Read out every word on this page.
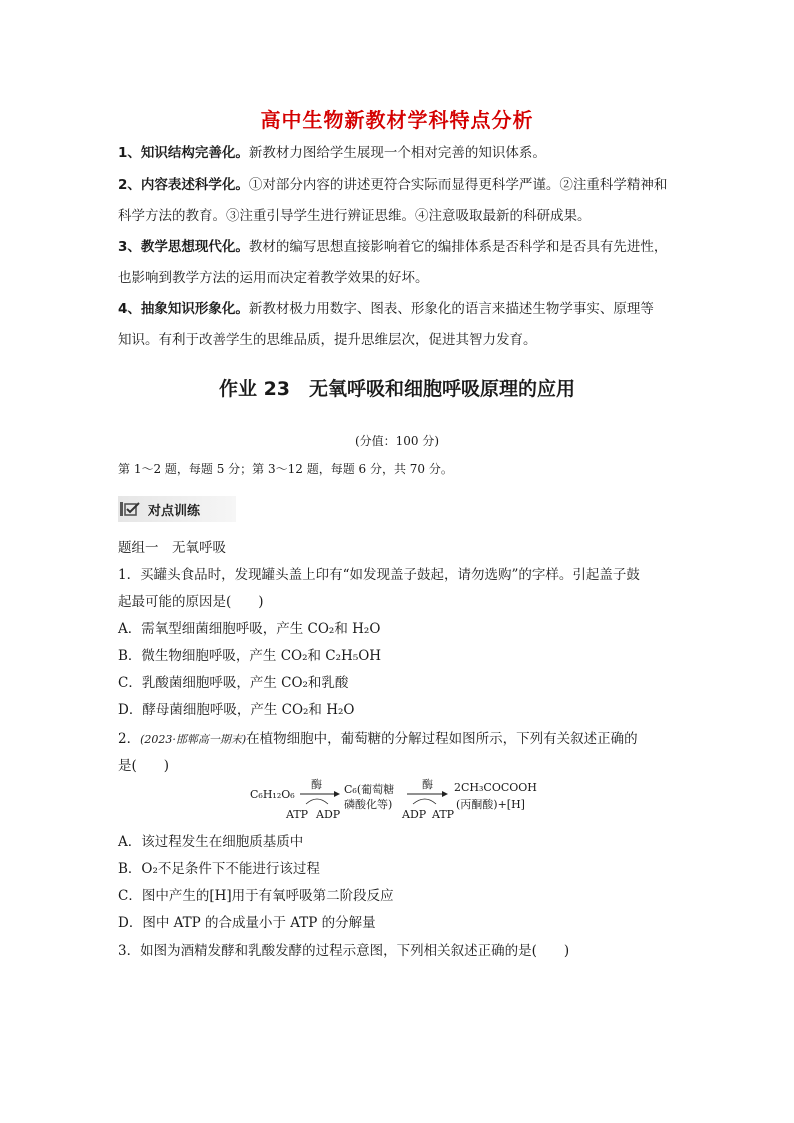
高中生物新教材学科特点分析
1、知识结构完善化。新教材力图给学生展现一个相对完善的知识体系。
2、内容表述科学化。①对部分内容的讲述更符合实际而显得更科学严谨。②注重科学精神和
科学方法的教育。③注重引导学生进行辨证思维。④注意吸取最新的科研成果。
3、教学思想现代化。教材的编写思想直接影响着它的编排体系是否科学和是否具有先进性，
也影响到教学方法的运用而决定着教学效果的好坏。
4、抽象知识形象化。新教材极力用数字、图表、形象化的语言来描述生物学事实、原理等
知识。有利于改善学生的思维品质，提升思维层次，促进其智力发育。
作业 23　无氧呼吸和细胞呼吸原理的应用
(分值：100 分)
第 1～2 题，每题 5 分；第 3～12 题，每题 6 分，共 70 分。
对点训练
题组一　无氧呼吸
1．买罐头食品时，发现罐头盖上印有“如发现盖子鼓起，请勿选购”的字样。引起盖子鼓
起最可能的原因是(　　)
A．需氧型细菌细胞呼吸，产生 CO₂和 H₂O
B．微生物细胞呼吸，产生 CO₂和 C₂H₅OH
C．乳酸菌细胞呼吸，产生 CO₂和乳酸
D．酵母菌细胞呼吸，产生 CO₂和 H₂O
2．(2023·邯郸高一期末)在植物细胞中，葡萄糖的分解过程如图所示，下列有关叙述正确的
是(　　)
C₆H₁₂O₆
酶
ATP ADP
C₆(葡萄糖
磷酸化等)
酶
ADP ATP
2CH₃COCOOH
(丙酮酸)+[H]
A．该过程发生在细胞质基质中
B．O₂不足条件下不能进行该过程
C．图中产生的[H]用于有氧呼吸第二阶段反应
D．图中 ATP 的合成量小于 ATP 的分解量
3．如图为酒精发酵和乳酸发酵的过程示意图，下列相关叙述正确的是(　　)
